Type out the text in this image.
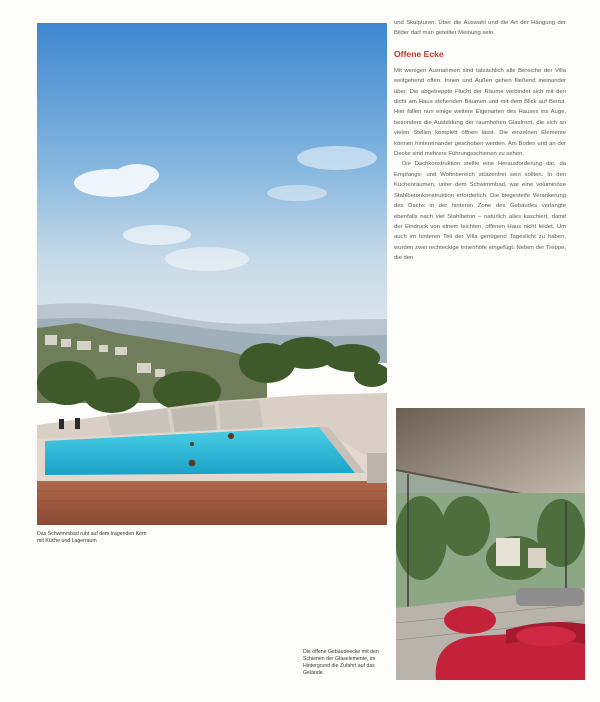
Das Schwimmbad ruht auf dem tragenden Kern mit Küche und Lagerraum

und Skulpturen. Über die Auswahl und die Art der Hängung der Bilder darf man geteilter Meinung sein.

Offene Ecke

Mit wenigen Ausnahmen sind tatsächlich alle Bereiche der Villa weitgehend offen. Innen und Außen gehen fließend ineinander über. Die abgetreppte Flucht der Räume verbindet sich mit den dicht am Haus stehenden Bäumen und mit dem Blick auf Beirut. Hier fallen nun einige weitere Eigenarten des Hauses ins Auge, besonders die Ausbildung der raumhohen Glasfront, die sich an vielen Stellen komplett öffnen lässt. Die einzelnen Elemente können hintereinander geschoben werden. Am Boden und an der Decke sind mehrere Führungsschienen zu sehen.

Die Dachkonstruktion stellte eine Herausforderung dar, da Empfangs- und Wohnbereich stützenfrei sein sollten. In den Küchenräumen, unter dem Schwimmbad, war eine voluminöse Stahlbetonkonstruktion erforderlich. Die biegesteife Verankerung des Dachs in der hinteren Zone des Gebäudes verlangte ebenfalls nach viel Stahlbeton – natürlich alles kaschiert, damit der Eindruck von einem leichten, offenen Haus nicht leidet. Um auch im hinteren Teil der Villa genügend Tageslicht zu haben, wurden zwei rechteckige Innenhöfe eingefügt. Neben der Treppe, die den

Die offene Gebäudeecke mit den Schienen der Glaselemente, im Hintergrund die Zufahrt auf das Gelände.
